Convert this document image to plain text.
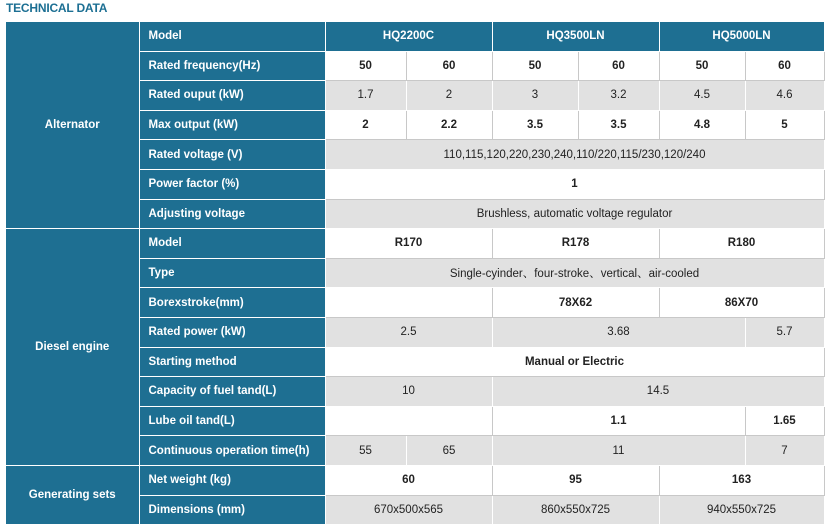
TECHNICAL DATA
Alternator	Model	HQ2200C		HQ3500LN		HQ5000LN	
	Rated frequency(Hz)	50	60	50	60	50	60
	Rated ouput (kW)	1.7	2	3	3.2	4.5	4.6
	Max output (kW)	2	2.2	3.5	3.5	4.8	5
	Rated voltage (V)	110,115,120,220,230,240,110/220,115/230,120/240					
	Power factor (%)	1					
	Adjusting voltage	Brushless, automatic voltage regulator					
Diesel engine	Model	R170		R178		R180	
	Type	Single-cyinder、four-stroke、vertical、air-cooled					
	Borexstroke(mm)			78X62		86X70	
	Rated power (kW)	2.5		3.68			5.7
	Starting method	Manual or Electric					
	Capacity of fuel tand(L)	10		14.5			
	Lube oil tand(L)			1.1			1.65
	Continuous operation time(h)	55	65	11			7
Generating sets	Net weight (kg)	60		95		163	
	Dimensions (mm)	670x500x565		860x550x725		940x550x725	
